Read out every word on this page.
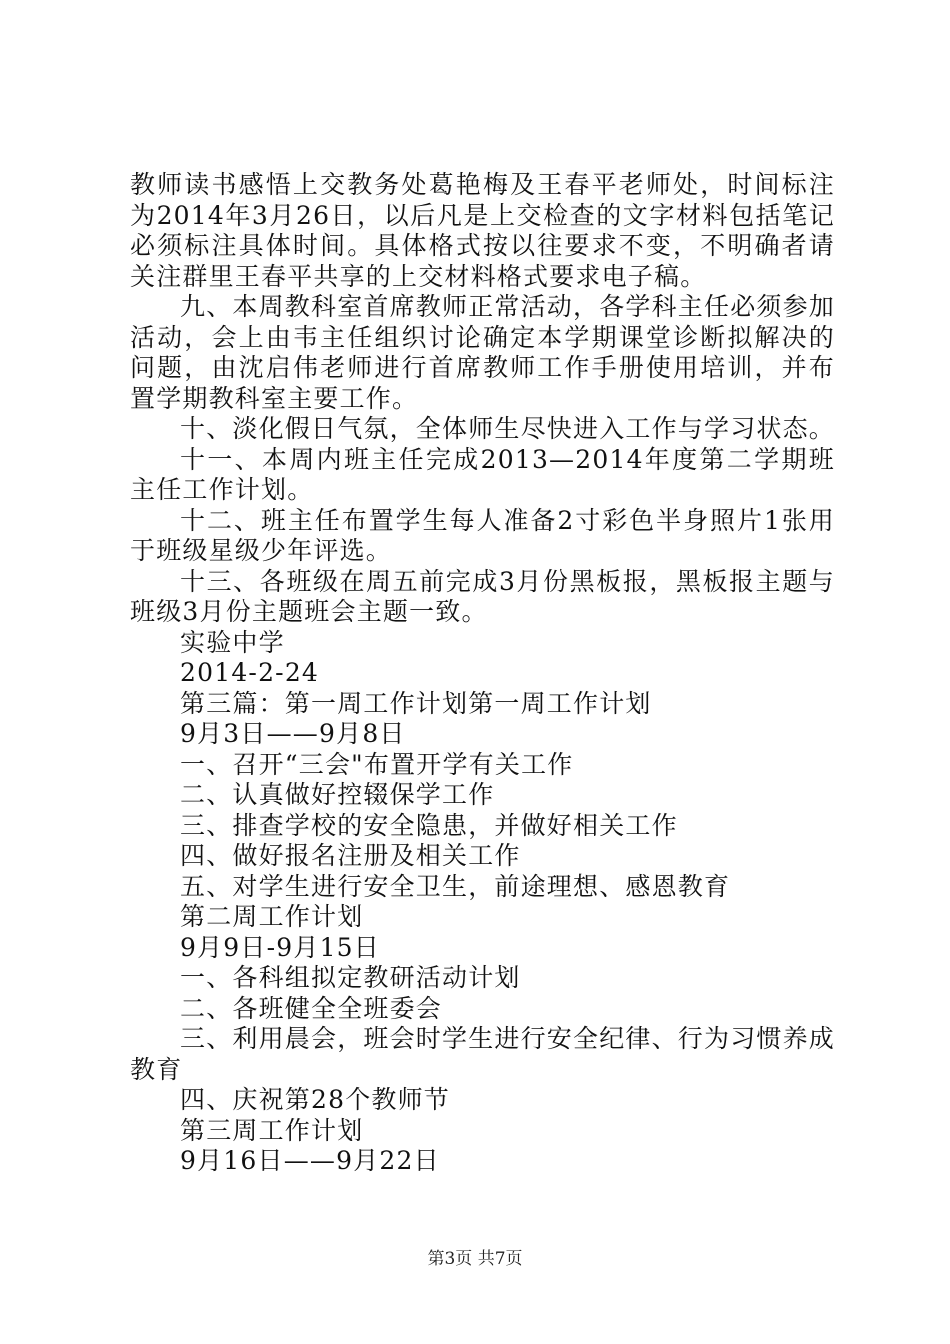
教师读书感悟上交教务处葛艳梅及王春平老师处，时间标注为2014年3月26日，以后凡是上交检查的文字材料包括笔记必须标注具体时间。具体格式按以往要求不变，不明确者请关注群里王春平共享的上交材料格式要求电子稿。

九、本周教科室首席教师正常活动，各学科主任必须参加活动，会上由韦主任组织讨论确定本学期课堂诊断拟解决的问题，由沈启伟老师进行首席教师工作手册使用培训，并布置学期教科室主要工作。

十、淡化假日气氛，全体师生尽快进入工作与学习状态。

十一、本周内班主任完成2013—2014年度第二学期班主任工作计划。

十二、班主任布置学生每人准备2寸彩色半身照片1张用于班级星级少年评选。

十三、各班级在周五前完成3月份黑板报，黑板报主题与班级3月份主题班会主题一致。

实验中学

2014-2-24

第三篇：第一周工作计划第一周工作计划

9月3日——9月8日

一、召开“三会"布置开学有关工作

二、认真做好控辍保学工作

三、排查学校的安全隐患，并做好相关工作

四、做好报名注册及相关工作

五、对学生进行安全卫生，前途理想、感恩教育

第二周工作计划

9月9日-9月15日

一、各科组拟定教研活动计划

二、各班健全全班委会

三、利用晨会，班会时学生进行安全纪律、行为习惯养成教育

四、庆祝第28个教师节

第三周工作计划

9月16日——9月22日

第3页 共7页
